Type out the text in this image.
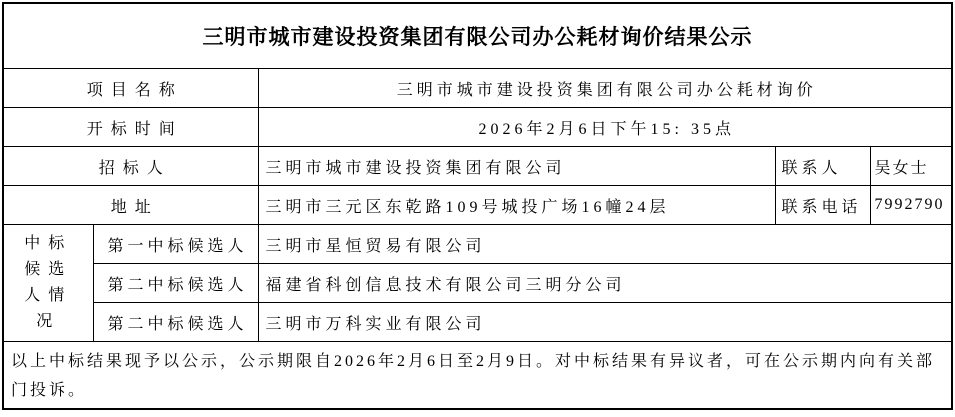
三明市城市建设投资集团有限公司办公耗材询价结果公示				
项目名称		三明市城市建设投资集团有限公司办公耗材询价		
开标时间		2026年2月6日下午15: 35点		
招标人		三明市城市建设投资集团有限公司	联系人	吴女士
地址		三明市三元区东乾路109号城投广场16幢24层	联系电话	7992790

中标候选人情况	第一中标候选人	三明市星恒贸易有限公司		
	第二中标候选人	福建省科创信息技术有限公司三明分公司		
	第二中标候选人	三明市万科实业有限公司		
以上中标结果现予以公示，公示期限自2026年2月6日至2月9日。对中标结果有异议者，可在公示期内向有关部门投诉。				
